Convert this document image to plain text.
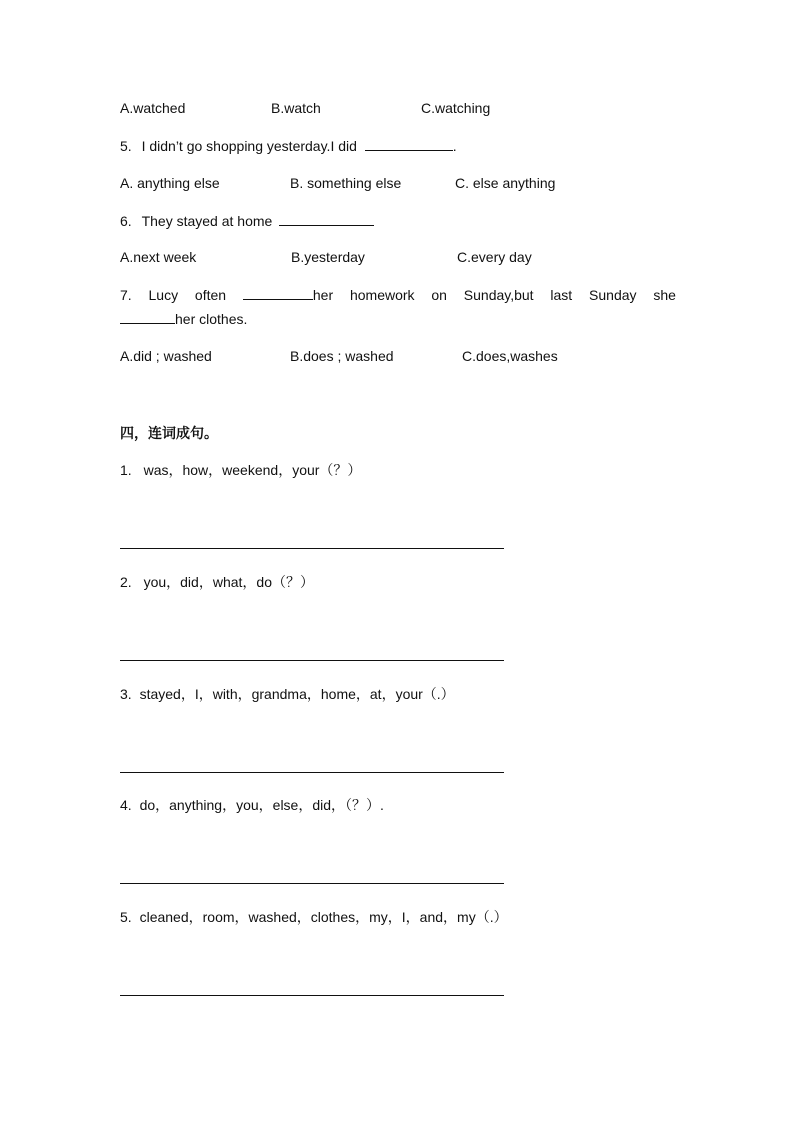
A.watched	B.watch	C.watching
5. I didn’t go shopping yesterday.I did	.
A. anything else	B. something else	C. else anything
6. They stayed at home
A.next week	B.yesterday	C.every day
7. Lucy often	her homework on Sunday,but last Sunday she
her clothes.
A.did ; washed	B.does ; washed	C.does,washes
四，连词成句。
1. was，how，weekend，your（？）
2. you，did，what，do（？）
3. stayed，I，with，grandma，home，at，your（.）
4. do，anything，you，else，did，（？）.
5. cleaned，room，washed，clothes，my，I，and，my（.）
